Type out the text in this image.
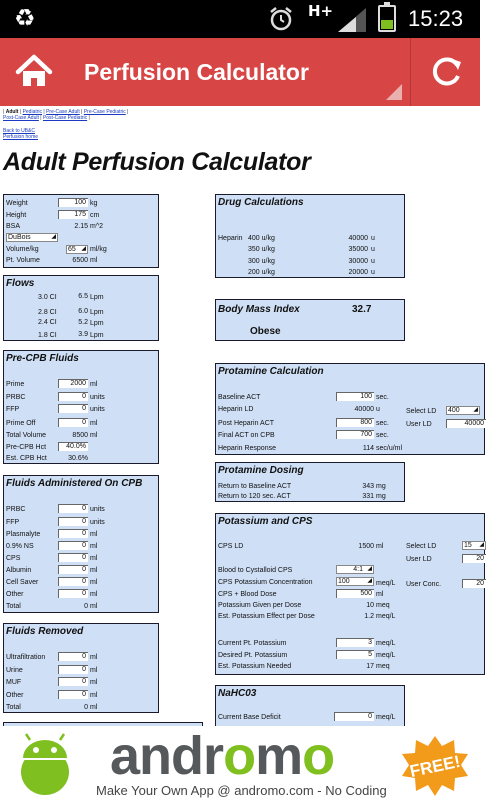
♻	H+	15:23
Perfusion Calculator
| Adult | Pediatric | Pre-Case Adult | Pre-Case Pediatric | Post-Case Adult | Post-Case Pediatric |
Back to UB&C
Perfusion home
Adult Perfusion Calculator
Weight	100 kg
Height	175 cm
BSA	2.15 m^2
DuBois	◢
Volume/kg	65 ◢ ml/kg
Pt. Volume	6500 ml
Flows
3.0 CI	6.5 Lpm
2.8 CI	6.0 Lpm
2.4 CI	5.2 Lpm
1.8 CI	3.9 Lpm
Pre-CPB Fluids
Prime	2000 ml
PRBC	0 units
FFP	0 units
Prime Off	0 ml
Total Volume	8500 ml
Pre-CPB Hct	40.0%
Est. CPB Hct	30.6%
Fluids Administered On CPB
PRBC	0 units
FFP	0 units
Plasmalyte	0 ml
0.9% NS	0 ml
CPS	0 ml
Albumin	0 ml
Cell Saver	0 ml
Other	0 ml
Total	0 ml
Fluids Removed
Ultrafiltration	0 ml
Urine	0 ml
MUF	0 ml
Other	0 ml
Total	0 ml
Drug Calculations
Heparin 400 u/kg	40000 u
350 u/kg	35000 u
300 u/kg	30000 u
200 u/kg	20000 u
Body Mass Index	32.7
Obese
Protamine Calculation
Baseline ACT	100 sec.
Heparin LD	40000 u
Post Heparin ACT	800 sec.
Final ACT on CPB	700 sec.
Heparin Response	114 sec/u/ml
Select LD 400 ◢
User LD	40000
Protamine Dosing
Return to Baseline ACT	343 mg
Return to 120 sec. ACT	331 mg
Potassium and CPS
CPS LD	1500 ml
Blood to Cystalloid CPS	4:1 ◢
CPS Potassium Concentration	100	◢ meq/L
CPS + Blood Dose	500 ml
Potassium Given per Dose	10 meq
Est. Potassium Effect per Dose	1.2 meq/L
Current Pt. Potassium	3 meq/L
Desired Pt. Potassium	5 meq/L
Est. Potassium Needed	17 meq
Select LD	15 ◢
User LD	20
User Conc.	20
NaHC03
Current Base Deficit	0 meq/L
andromo
Make Your Own App @ andromo.com - No Coding
FREE!
